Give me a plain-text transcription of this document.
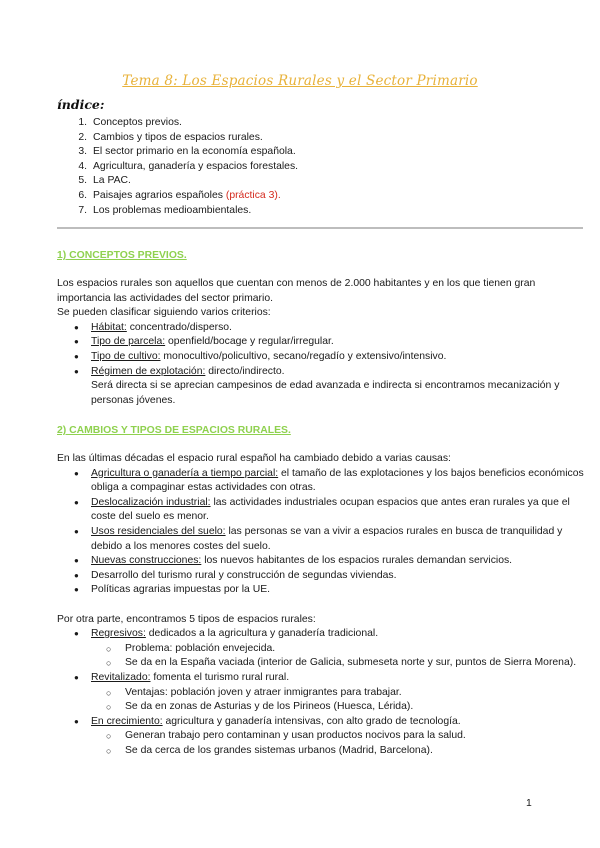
Tema 8: Los Espacios Rurales y el Sector Primario
índice:
1. Conceptos previos.
2. Cambios y tipos de espacios rurales.
3. El sector primario en la economía española.
4. Agricultura, ganadería y espacios forestales.
5. La PAC.
6. Paisajes agrarios españoles (práctica 3).
7. Los problemas medioambientales.
1) CONCEPTOS PREVIOS.

Los espacios rurales son aquellos que cuentan con menos de 2.000 habitantes y en los que tienen gran importancia las actividades del sector primario.

Se pueden clasificar siguiendo varios criterios:

● Hábitat: concentrado/disperso.
● Tipo de parcela: openfield/bocage y regular/irregular.
● Tipo de cultivo: monocultivo/policultivo, secano/regadío y extensivo/intensivo.
● Régimen de explotación: directo/indirecto.
Será directa si se aprecian campesinos de edad avanzada e indirecta si encontramos mecanización y personas jóvenes.
2) CAMBIOS Y TIPOS DE ESPACIOS RURALES.

En las últimas décadas el espacio rural español ha cambiado debido a varias causas:

● Agricultura o ganadería a tiempo parcial: el tamaño de las explotaciones y los bajos beneficios económicos obliga a compaginar estas actividades con otras.
● Deslocalización industrial: las actividades industriales ocupan espacios que antes eran rurales ya que el coste del suelo es menor.
● Usos residenciales del suelo: las personas se van a vivir a espacios rurales en busca de tranquilidad y debido a los menores costes del suelo.
● Nuevas construcciones: los nuevos habitantes de los espacios rurales demandan servicios.
● Desarrollo del turismo rural y construcción de segundas viviendas.
● Políticas agrarias impuestas por la UE.

Por otra parte, encontramos 5 tipos de espacios rurales:

● Regresivos: dedicados a la agricultura y ganadería tradicional.
○ Problema: población envejecida.
○ Se da en la España vaciada (interior de Galicia, submeseta norte y sur, puntos de Sierra Morena).
● Revitalizado: fomenta el turismo rural rural.
○ Ventajas: población joven y atraer inmigrantes para trabajar.
○ Se da en zonas de Asturias y de los Pirineos (Huesca, Lérida).
● En crecimiento: agricultura y ganadería intensivas, con alto grado de tecnología.
○ Generan trabajo pero contaminan y usan productos nocivos para la salud.
○ Se da cerca de los grandes sistemas urbanos (Madrid, Barcelona).
1
